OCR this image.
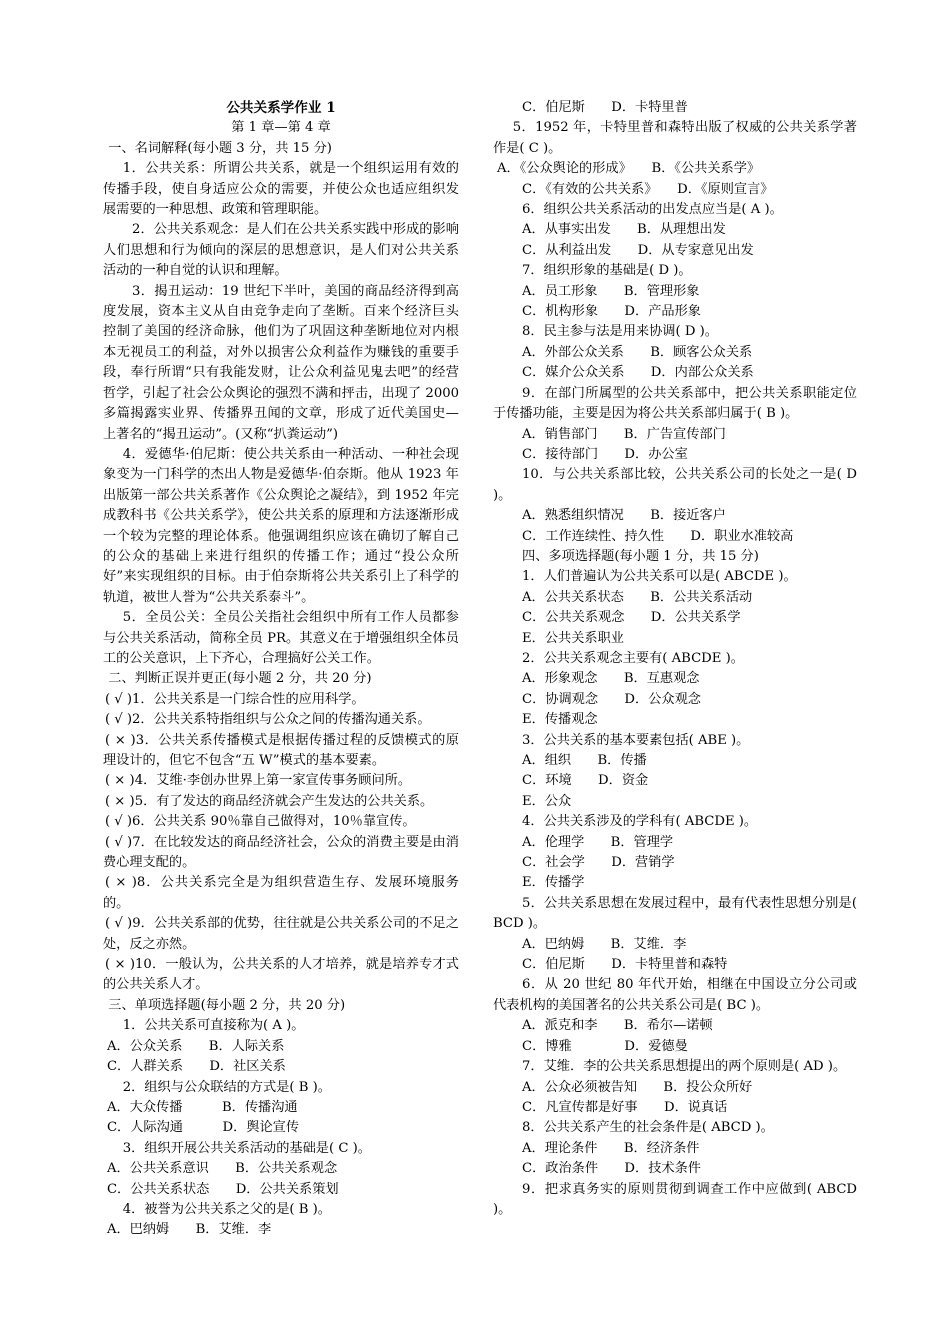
公共关系学作业 1

第 1 章—第 4 章

一、名词解释(每小题 3 分，共 15 分)

1．公共关系：所谓公共关系，就是一个组织运用有效的传播手段，使自身适应公众的需要，并使公众也适应组织发展需要的一种思想、政策和管理职能。

2．公共关系观念：是人们在公共关系实践中形成的影响人们思想和行为倾向的深层的思想意识，是人们对公共关系活动的一种自觉的认识和理解。

3．揭丑运动：19 世纪下半叶，美国的商品经济得到高度发展，资本主义从自由竞争走向了垄断。百来个经济巨头控制了美国的经济命脉，他们为了巩固这种垄断地位对内根本无视员工的利益，对外以损害公众利益作为赚钱的重要手段，奉行所谓“只有我能发财，让公众利益见鬼去吧”的经营哲学，引起了社会公众舆论的强烈不满和抨击，出现了 2000 多篇揭露实业界、传播界丑闻的文章，形成了近代美国史—上著名的“揭丑运动”。(又称“扒粪运动”)

4．爱德华·伯尼斯：使公共关系由一种活动、一种社会现象变为一门科学的杰出人物是爱德华·伯奈斯。他从 1923 年出版第一部公共关系著作《公众舆论之凝结》，到 1952 年完成教科书《公共关系学》，使公共关系的原理和方法逐渐形成一个较为完整的理论体系。他强调组织应该在确切了解自己的公众的基础上来进行组织的传播工作；通过“投公众所好”来实现组织的目标。由于伯奈斯将公共关系引上了科学的轨道，被世人誉为“公共关系泰斗”。

5．全员公关：全员公关指社会组织中所有工作人员都参与公共关系活动，简称全员 PR。其意义在于增强组织全体员工的公关意识，上下齐心，合理搞好公关工作。

二、判断正误并更正(每小题 2 分，共 20 分)

( √ )1．公共关系是一门综合性的应用科学。

( √ )2．公共关系特指组织与公众之间的传播沟通关系。

( × )3．公共关系传播模式是根据传播过程的反馈模式的原理设计的，但它不包含“五 W”模式的基本要素。

( × )4．艾维·李创办世界上第一家宣传事务顾问所。

( × )5．有了发达的商品经济就会产生发达的公共关系。

( √ )6．公共关系 90％靠自己做得对，10％靠宣传。

( √ )7．在比较发达的商品经济社会，公众的消费主要是由消费心理支配的。

( × )8．公共关系完全是为组织营造生存、发展环境服务的。

( √ )9．公共关系部的优势，往往就是公共关系公司的不足之处，反之亦然。

( × )10．一般认为，公共关系的人才培养，就是培养专才式的公共关系人才。

三、单项选择题(每小题 2 分，共 20 分)

1．公共关系可直接称为( A )。

A．公众关系　　B．人际关系

C．人群关系　　D．社区关系

2．组织与公众联结的方式是( B )。

A．大众传播　　　B．传播沟通

C．人际沟通　　　D．舆论宣传

3．组织开展公共关系活动的基础是( C )。

A．公共关系意识　　B．公共关系观念

C．公共关系状态　　D．公共关系策划

4．被誉为公共关系之父的是( B )。

A．巴纳姆　　B．艾维．李

C．伯尼斯　　D．卡特里普

5．1952 年，卡特里普和森特出版了权威的公共关系学著作是( C )。

A．《公众舆论的形成》　　B．《公共关系学》

C．《有效的公共关系》　　D．《原则宣言》

6．组织公共关系活动的出发点应当是( A )。

A．从事实出发　　B．从理想出发

C．从利益出发　　D．从专家意见出发

7．组织形象的基础是( D )。

A．员工形象　　B．管理形象

C．机构形象　　D．产品形象

8．民主参与法是用来协调( D )。

A．外部公众关系　　B．顾客公众关系

C．媒介公众关系　　D．内部公众关系

9．在部门所属型的公共关系部中，把公共关系职能定位于传播功能，主要是因为将公共关系部归属于( B )。

A．销售部门　　B．广告宣传部门

C．接待部门　　D．办公室

10．与公共关系部比较，公共关系公司的长处之一是( D )。

A．熟悉组织情况　　B．接近客户

C．工作连续性、持久性　　D．职业水准较高

四、多项选择题(每小题 1 分，共 15 分)

1．人们普遍认为公共关系可以是( ABCDE )。

A．公共关系状态　　B．公共关系活动

C．公共关系观念　　D．公共关系学

E．公共关系职业

2．公共关系观念主要有( ABCDE )。

A．形象观念　　B．互惠观念

C．协调观念　　D．公众观念

E．传播观念

3．公共关系的基本要素包括( ABE )。

A．组织　　B．传播

C．环境　　D．资金

E．公众

4．公共关系涉及的学科有( ABCDE )。

A．伦理学　　B．管理学

C．社会学　　D．营销学

E．传播学

5．公共关系思想在发展过程中，最有代表性思想分别是( BCD )。

A．巴纳姆　　B．艾维．李

C．伯尼斯　　D．卡特里普和森特

6．从 20 世纪 80 年代开始，相继在中国设立分公司或代表机构的美国著名的公共关系公司是( BC )。

A．派克和李　　B．希尔—诺顿

C．博雅　　　　D．爱德曼

7．艾维．李的公共关系思想提出的两个原则是( AD )。

A．公众必须被告知　　B．投公众所好

C．凡宣传都是好事　　D．说真话

8．公共关系产生的社会条件是( ABCD )。

A．理论条件　　B．经济条件

C．政治条件　　D．技术条件

9．把求真务实的原则贯彻到调查工作中应做到( ABCD )。
